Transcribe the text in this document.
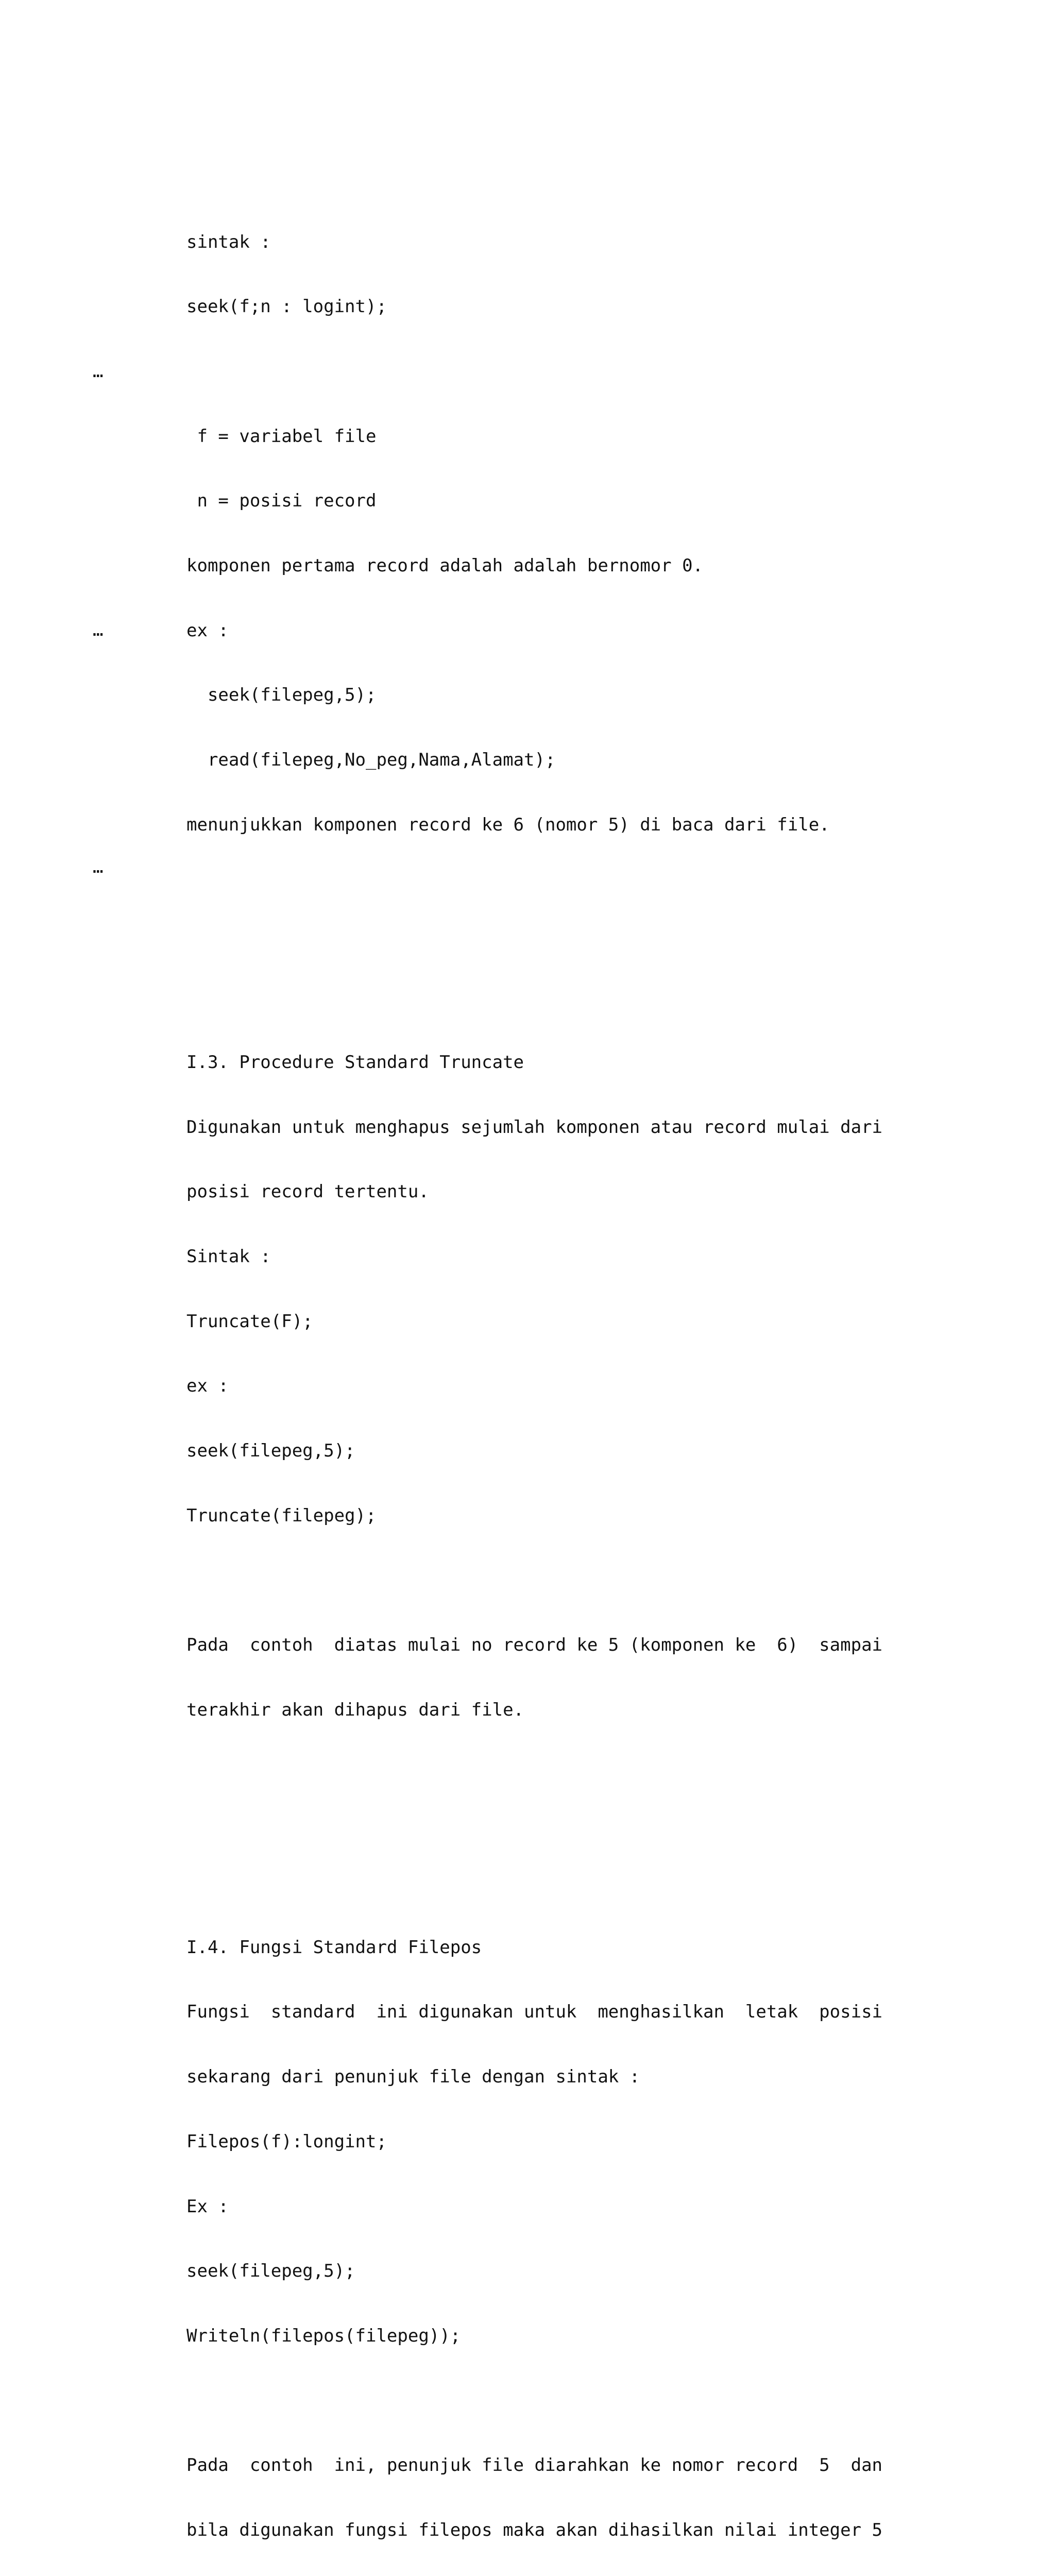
…
…
…

sintak :

seek(f;n : logint);

f = variabel file

n = posisi record

komponen pertama record adalah adalah bernomor 0.

ex :

seek(filepeg,5);

read(filepeg,No_peg,Nama,Alamat);

menunjukkan komponen record ke 6 (nomor 5) di baca dari file.

I.3. Procedure Standard Truncate

Digunakan untuk menghapus sejumlah komponen atau record mulai dari

posisi record tertentu.

Sintak :

Truncate(F);

ex :

seek(filepeg,5);

Truncate(filepeg);

Pada  contoh  diatas mulai no record ke 5 (komponen ke  6)  sampai

terakhir akan dihapus dari file.

I.4. Fungsi Standard Filepos

Fungsi  standard  ini digunakan untuk  menghasilkan  letak  posisi

sekarang dari penunjuk file dengan sintak :

Filepos(f):longint;

Ex :

seek(filepeg,5);

Writeln(filepos(filepeg));

Pada  contoh  ini, penunjuk file diarahkan ke nomor record  5  dan

bila digunakan fungsi filepos maka akan dihasilkan nilai integer 5
